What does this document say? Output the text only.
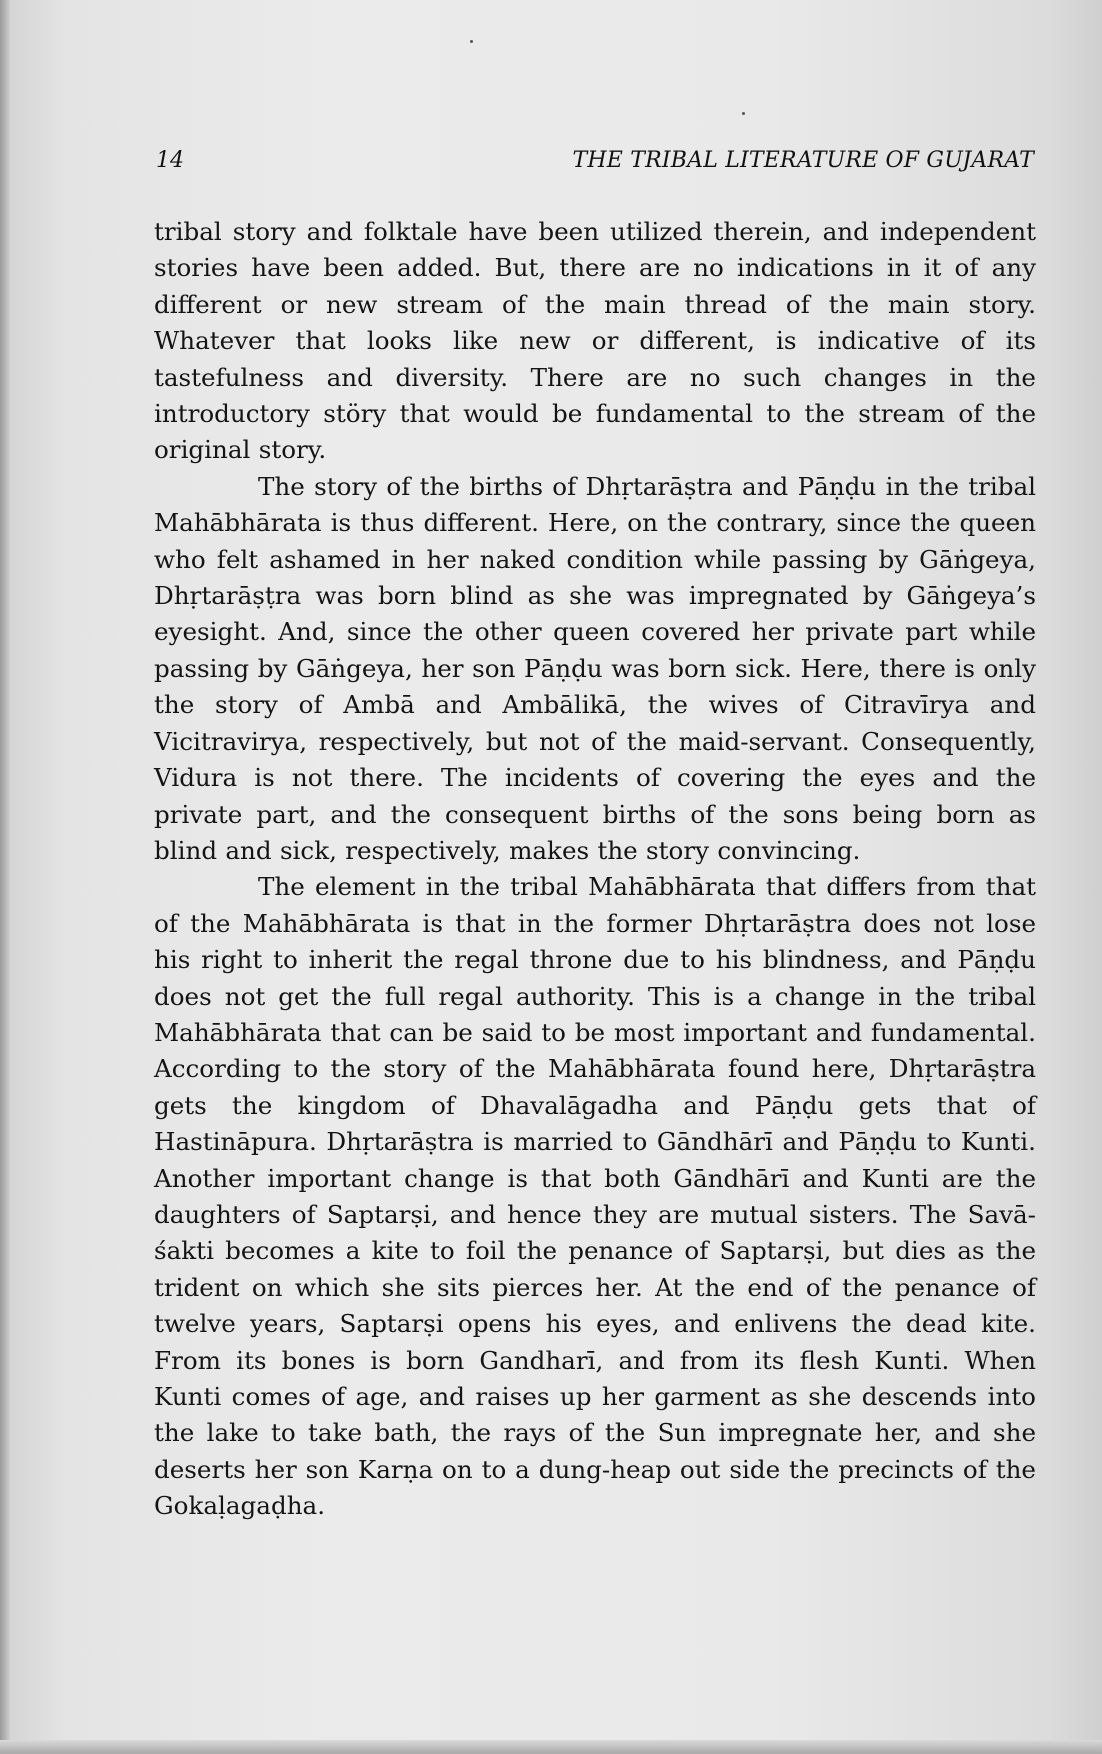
14	THE TRIBAL LITERATURE OF GUJARAT

tribal story and folktale have been utilized therein, and independent stories have been added. But, there are no indications in it of any different or new stream of the main thread of the main story. Whatever that looks like new or different, is indicative of its tastefulness and diversity. There are no such changes in the introductory störy that would be fundamental to the stream of the original story.

The story of the births of Dhṛtarāṣtra and Pāṇḍu in the tribal Mahābhārata is thus different. Here, on the contrary, since the queen who felt ashamed in her naked condition while passing by Gāṅgeya, Dhṛtarāṣṭra was born blind as she was impregnated by Gāṅgeya’s eyesight. And, since the other queen covered her private part while passing by Gāṅgeya, her son Pāṇḍu was born sick. Here, there is only the story of Ambā and Ambālikā, the wives of Citravīrya and Vicitravirya, respectively, but not of the maid-servant. Consequently, Vidura is not there. The incidents of covering the eyes and the private part, and the consequent births of the sons being born as blind and sick, respectively, makes the story convincing.

The element in the tribal Mahābhārata that differs from that of the Mahābhārata is that in the former Dhṛtarāṣtra does not lose his right to inherit the regal throne due to his blindness, and Pāṇḍu does not get the full regal authority. This is a change in the tribal Mahābhārata that can be said to be most important and fundamental. According to the story of the Mahābhārata found here, Dhṛtarāṣtra gets the kingdom of Dhavalāgadha and Pāṇḍu gets that of Hastināpura. Dhṛtarāṣtra is married to Gāndhārī and Pāṇḍu to Kunti. Another important change is that both Gāndhārī and Kunti are the daughters of Saptarṣi, and hence they are mutual sisters. The Savā-śakti becomes a kite to foil the penance of Saptarṣi, but dies as the trident on which she sits pierces her. At the end of the penance of twelve years, Saptarṣi opens his eyes, and enlivens the dead kite. From its bones is born Gandharī, and from its flesh Kunti. When Kunti comes of age, and raises up her garment as she descends into the lake to take bath, the rays of the Sun impregnate her, and she deserts her son Karṇa on to a dung-heap out side the precincts of the Gokaḷagaḍha.
